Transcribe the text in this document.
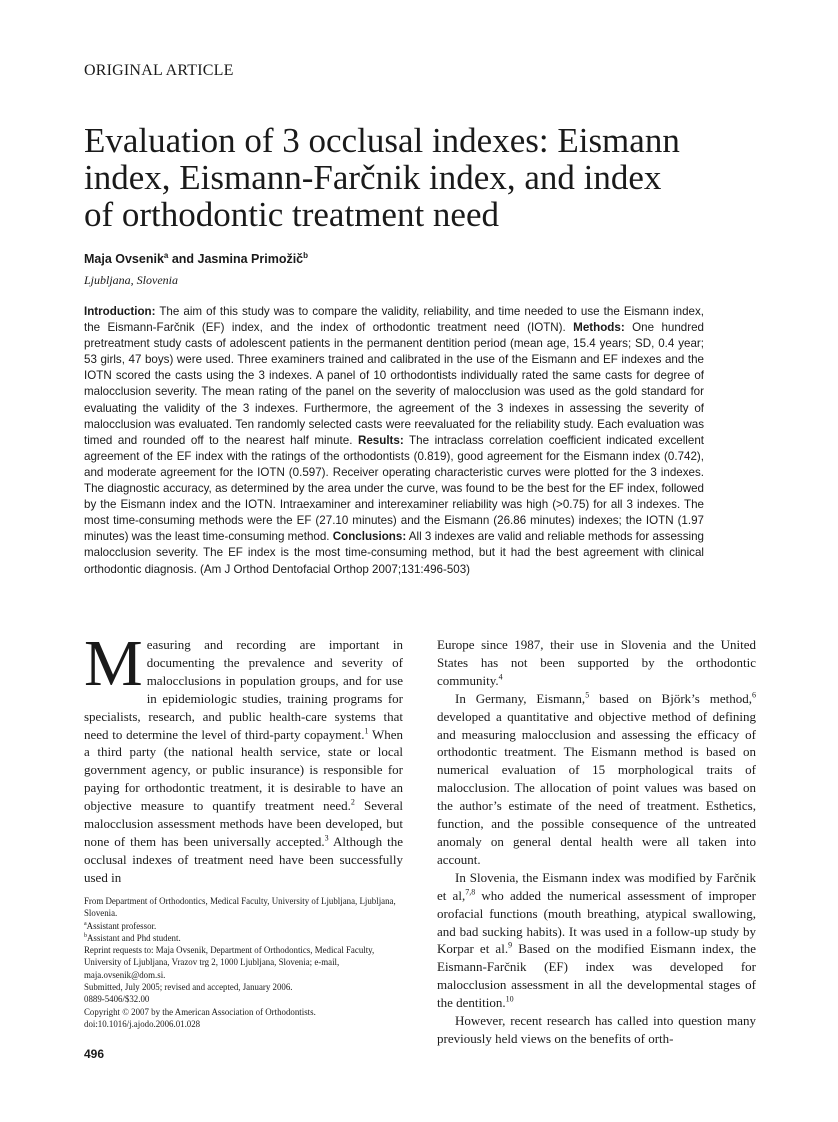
ORIGINAL ARTICLE
Evaluation of 3 occlusal indexes: Eismann
index, Eismann-Farčnik index, and index
of orthodontic treatment need
Maja Ovsenik$^a$ and Jasmina Primožič$^b$
Ljubljana, Slovenia

Introduction: The aim of this study was to compare the validity, reliability, and time needed to use the Eismann index, the Eismann-Farčnik (EF) index, and the index of orthodontic treatment need (IOTN). Methods: One hundred pretreatment study casts of adolescent patients in the permanent dentition period (mean age, 15.4 years; SD, 0.4 year; 53 girls, 47 boys) were used. Three examiners trained and calibrated in the use of the Eismann and EF indexes and the IOTN scored the casts using the 3 indexes. A panel of 10 orthodontists individually rated the same casts for degree of malocclusion severity. The mean rating of the panel on the severity of malocclusion was used as the gold standard for evaluating the validity of the 3 indexes. Furthermore, the agreement of the 3 indexes in assessing the severity of malocclusion was evaluated. Ten randomly selected casts were reevaluated for the reliability study. Each evaluation was timed and rounded off to the nearest half minute. Results: The intraclass correlation coefficient indicated excellent agreement of the EF index with the ratings of the orthodontists (0.819), good agreement for the Eismann index (0.742), and moderate agreement for the IOTN (0.597). Receiver operating characteristic curves were plotted for the 3 indexes. The diagnostic accuracy, as determined by the area under the curve, was found to be the best for the EF index, followed by the Eismann index and the IOTN. Intraexaminer and interexaminer reliability was high (>0.75) for all 3 indexes. The most time-consuming methods were the EF (27.10 minutes) and the Eismann (26.86 minutes) indexes; the IOTN (1.97 minutes) was the least time-consuming method. Conclusions: All 3 indexes are valid and reliable methods for assessing malocclusion severity. The EF index is the most time-consuming method, but it had the best agreement with clinical orthodontic diagnosis. (Am J Orthod Dentofacial Orthop 2007;131:496-503)

Measuring and recording are important in documenting the prevalence and severity of malocclusions in population groups, and for use in epidemiologic studies, training programs for specialists, research, and public health-care systems that need to determine the level of third-party copayment.$^1$ When a third party (the national health service, state or local government agency, or public insurance) is responsible for paying for orthodontic treatment, it is desirable to have an objective measure to quantify treatment need.$^2$ Several malocclusion assessment methods have been developed, but none of them has been universally accepted.$^3$ Although the occlusal indexes of treatment need have been successfully used in

Europe since 1987, their use in Slovenia and the United States has not been supported by the orthodontic community.$^4$

In Germany, Eismann,$^5$ based on Björk’s method,$^6$ developed a quantitative and objective method of defining and measuring malocclusion and assessing the efficacy of orthodontic treatment. The Eismann method is based on numerical evaluation of 15 morphological traits of malocclusion. The allocation of point values was based on the author’s estimate of the need of treatment. Esthetics, function, and the possible consequence of the untreated anomaly on general dental health were all taken into account.

In Slovenia, the Eismann index was modified by Farčnik et al,$^{7,8}$ who added the numerical assessment of improper orofacial functions (mouth breathing, atypical swallowing, and bad sucking habits). It was used in a follow-up study by Korpar et al.$^9$ Based on the modified Eismann index, the Eismann-Farčnik (EF) index was developed for malocclusion assessment in all the developmental stages of the dentition.$^{10}$

However, recent research has called into question many previously held views on the benefits of orth-

From Department of Orthodontics, Medical Faculty, University of Ljubljana, Ljubljana, Slovenia.
$^a$Assistant professor.
$^b$Assistant and Phd student.
Reprint requests to: Maja Ovsenik, Department of Orthodontics, Medical Faculty, University of Ljubljana, Vrazov trg 2, 1000 Ljubljana, Slovenia; e-mail, maja.ovsenik@dom.si.
Submitted, July 2005; revised and accepted, January 2006.
0889-5406/$32.00
Copyright © 2007 by the American Association of Orthodontists.
doi:10.1016/j.ajodo.2006.01.028
496
